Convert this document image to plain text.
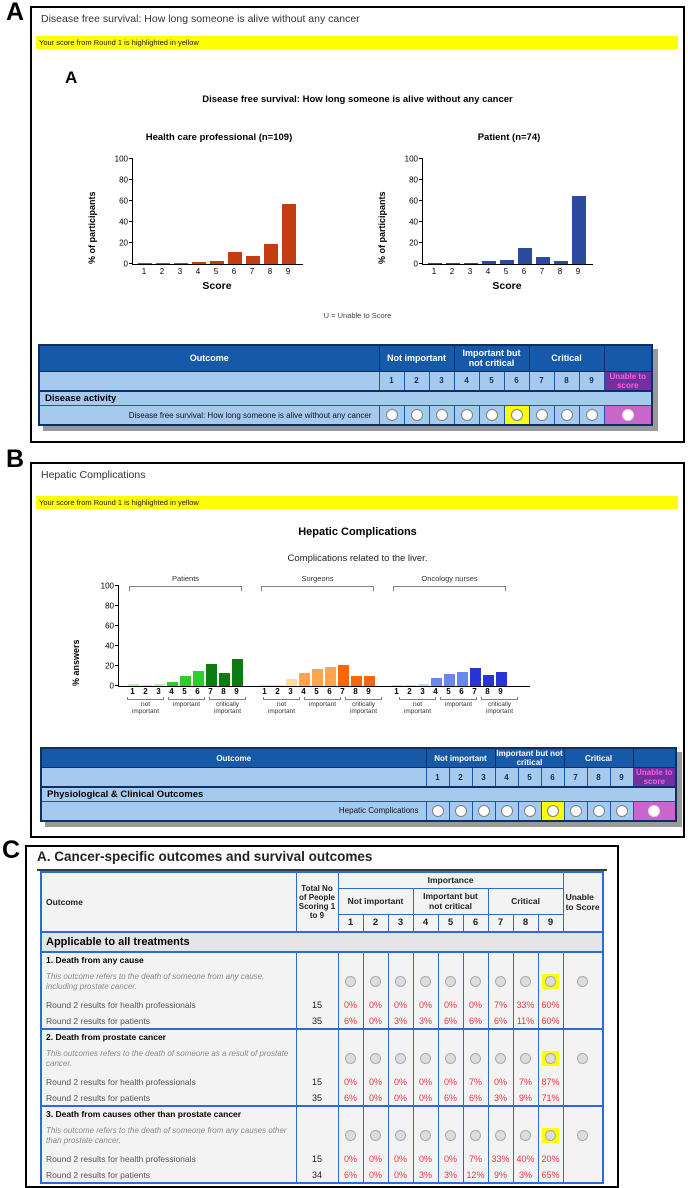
A Disease free survival: How long someone is alive without any cancer
Your score from Round 1 is highlighted in yellow
A
Disease free survival: How long someone is alive without any cancer
Health care professional (n=109)
% of participants	0
20
40
60
80
100
1	2	3	4	5	6	7	8	9
Score
Patient (n=74)
% of participants	0
20
40
60
80
100
1	2	3	4	5	6	7	8	9
Score
U = Unable to Score
Outcome	Not important			Important but not critical			Critical			
	1	2	3	4	5	6	7	8	9	Unable to score
Disease activity										
Disease free survival: How long someone is alive without any cancer										
B
Hepatic Complications
Your score from Round 1 is highlighted in yellow
Hepatic Complications
Complications related to the liver.
% answers	0
20
40
60
80
100
Patients	Surgeons	Oncology nurses
1	2	3	4	5	6	7	8	9	1	2	3	4	5	6	7	8	9	1	2	3	4	5	6	7	8	9
not important
important	critically important
not important
important	critically important
not important
important	critically important
Outcome	Not important			Important but not critical			Critical			
	1	2	3	4	5	6	7	8	9	Unable to score
Physiological & Clinical Outcomes										
Hepatic Complications										
C A. Cancer-specific outcomes and survival outcomes
Outcome	Total No of People Scoring 1 to 9	Importance									Unable to Score
		Not important			Important but not critical			Critical			
		1	2	3	4	5	6	7	8	9	
Applicable to all treatments											
1. Death from any cause											
This outcome refers to the death of someone from any cause, including prostate cancer.											
Round 2 results for health professionals	15	0%	0%	0%	0%	0%	0%	7%	33%	60%	
Round 2 results for patients	35	6%	0%	3%	3%	6%	6%	6%	11%	60%	
2. Death from prostate cancer											
This outcomes refers to the death of someone as a result of prostate cancer.											
Round 2 results for health professionals	15	0%	0%	0%	0%	0%	7%	0%	7%	87%	
Round 2 results for patients	35	6%	0%	0%	0%	6%	6%	3%	9%	71%	
3. Death from causes other than prostate cancer											
This outcome refers to the death of someone from any causes other than prostate cancer.											
Round 2 results for health professionals	15	0%	0%	0%	0%	0%	7%	33%	40%	20%	
Round 2 results for patients	34	6%	0%	0%	3%	3%	12%	9%	3%	65%	
